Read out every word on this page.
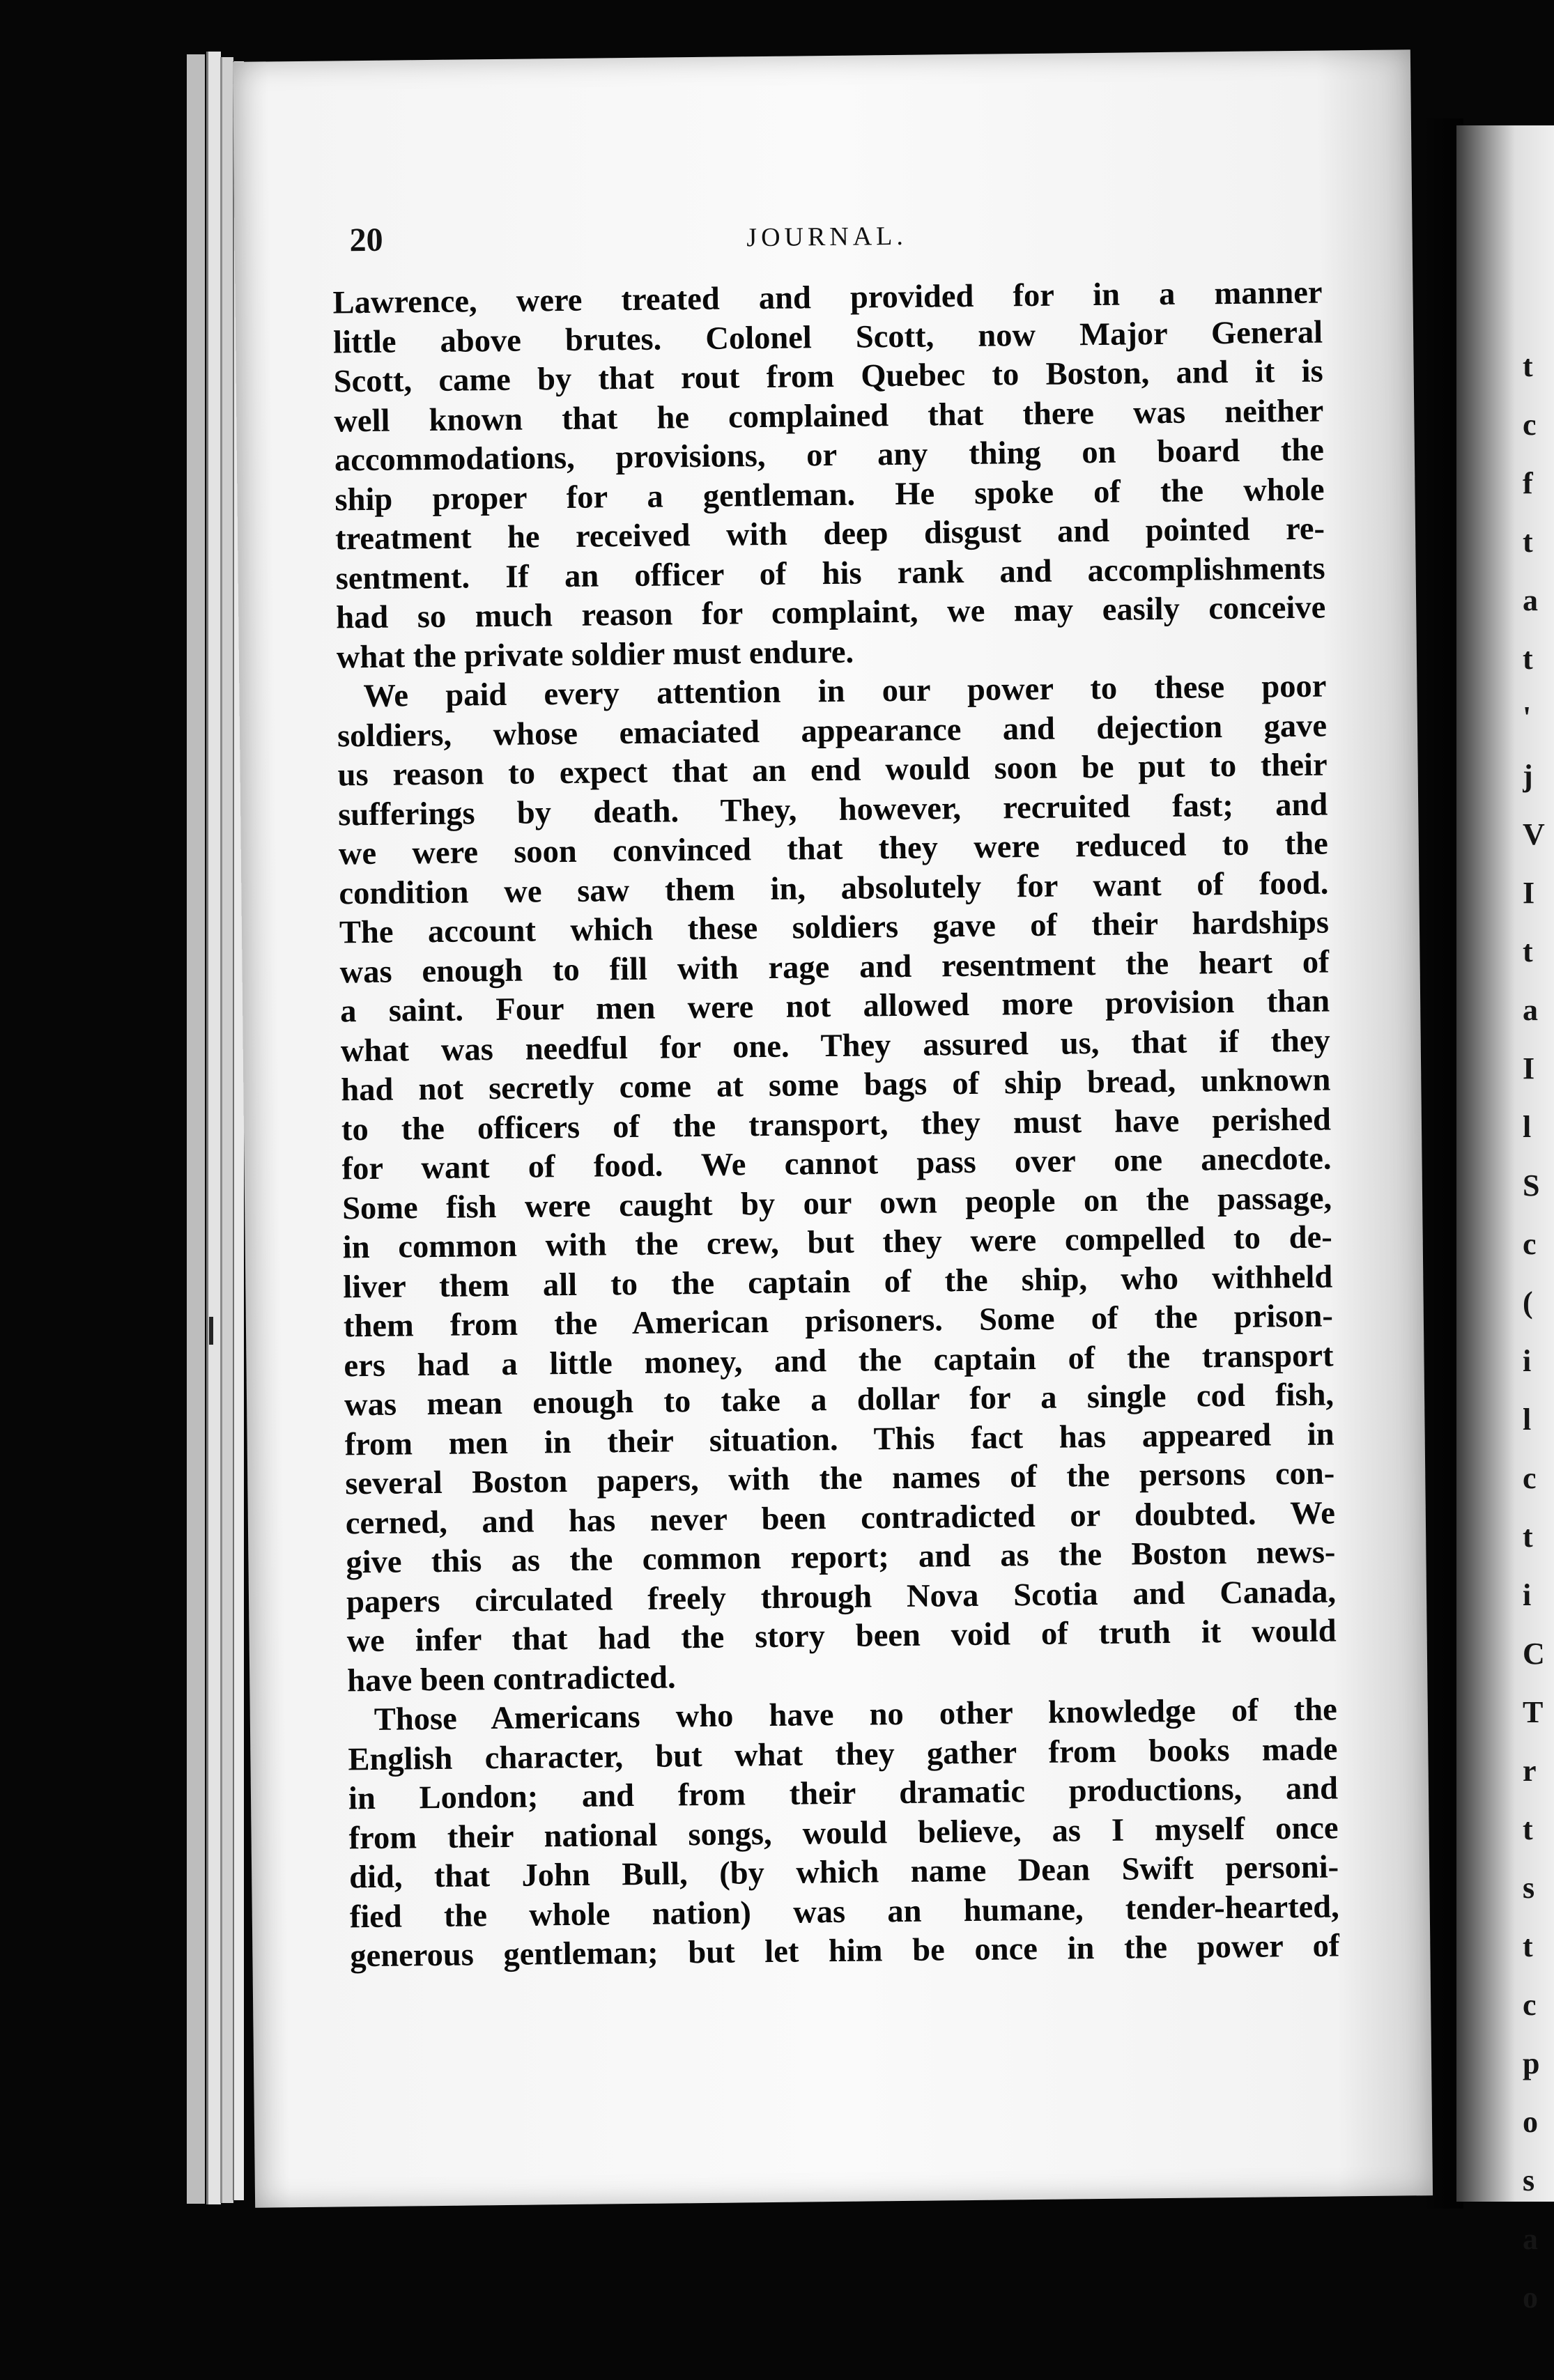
t
c
f
t
a
t
'
j
V
I
t
a
I
l
S
c
(
i
l
c
t
i
C
T
r
t
s
t
c
p
o
s
a
o
20	JOURNAL.
Lawrence, were treated and provided for in a manner
little above brutes. Colonel Scott, now Major General
Scott, came by that rout from Quebec to Boston, and it is
well known that he complained that there was neither
accommodations, provisions, or any thing on board the
ship proper for a gentleman. He spoke of the whole
treatment he received with deep disgust and pointed re-
sentment. If an officer of his rank and accomplishments
had so much reason for complaint, we may easily conceive
what the private soldier must endure.
We paid every attention in our power to these poor
soldiers, whose emaciated appearance and dejection gave
us reason to expect that an end would soon be put to their
sufferings by death. They, however, recruited fast; and
we were soon convinced that they were reduced to the
condition we saw them in, absolutely for want of food.
The account which these soldiers gave of their hardships
was enough to fill with rage and resentment the heart of
a saint. Four men were not allowed more provision than
what was needful for one. They assured us, that if they
had not secretly come at some bags of ship bread, unknown
to the officers of the transport, they must have perished
for want of food. We cannot pass over one anecdote.
Some fish were caught by our own people on the passage,
in common with the crew, but they were compelled to de-
liver them all to the captain of the ship, who withheld
them from the American prisoners. Some of the prison-
ers had a little money, and the captain of the transport
was mean enough to take a dollar for a single cod fish,
from men in their situation. This fact has appeared in
several Boston papers, with the names of the persons con-
cerned, and has never been contradicted or doubted. We
give this as the common report; and as the Boston news-
papers circulated freely through Nova Scotia and Canada,
we infer that had the story been void of truth it would
have been contradicted.
Those Americans who have no other knowledge of the
English character, but what they gather from books made
in London; and from their dramatic productions, and
from their national songs, would believe, as I myself once
did, that John Bull, (by which name Dean Swift personi-
fied the whole nation) was an humane, tender-hearted,
generous gentleman; but let him be once in the power of
